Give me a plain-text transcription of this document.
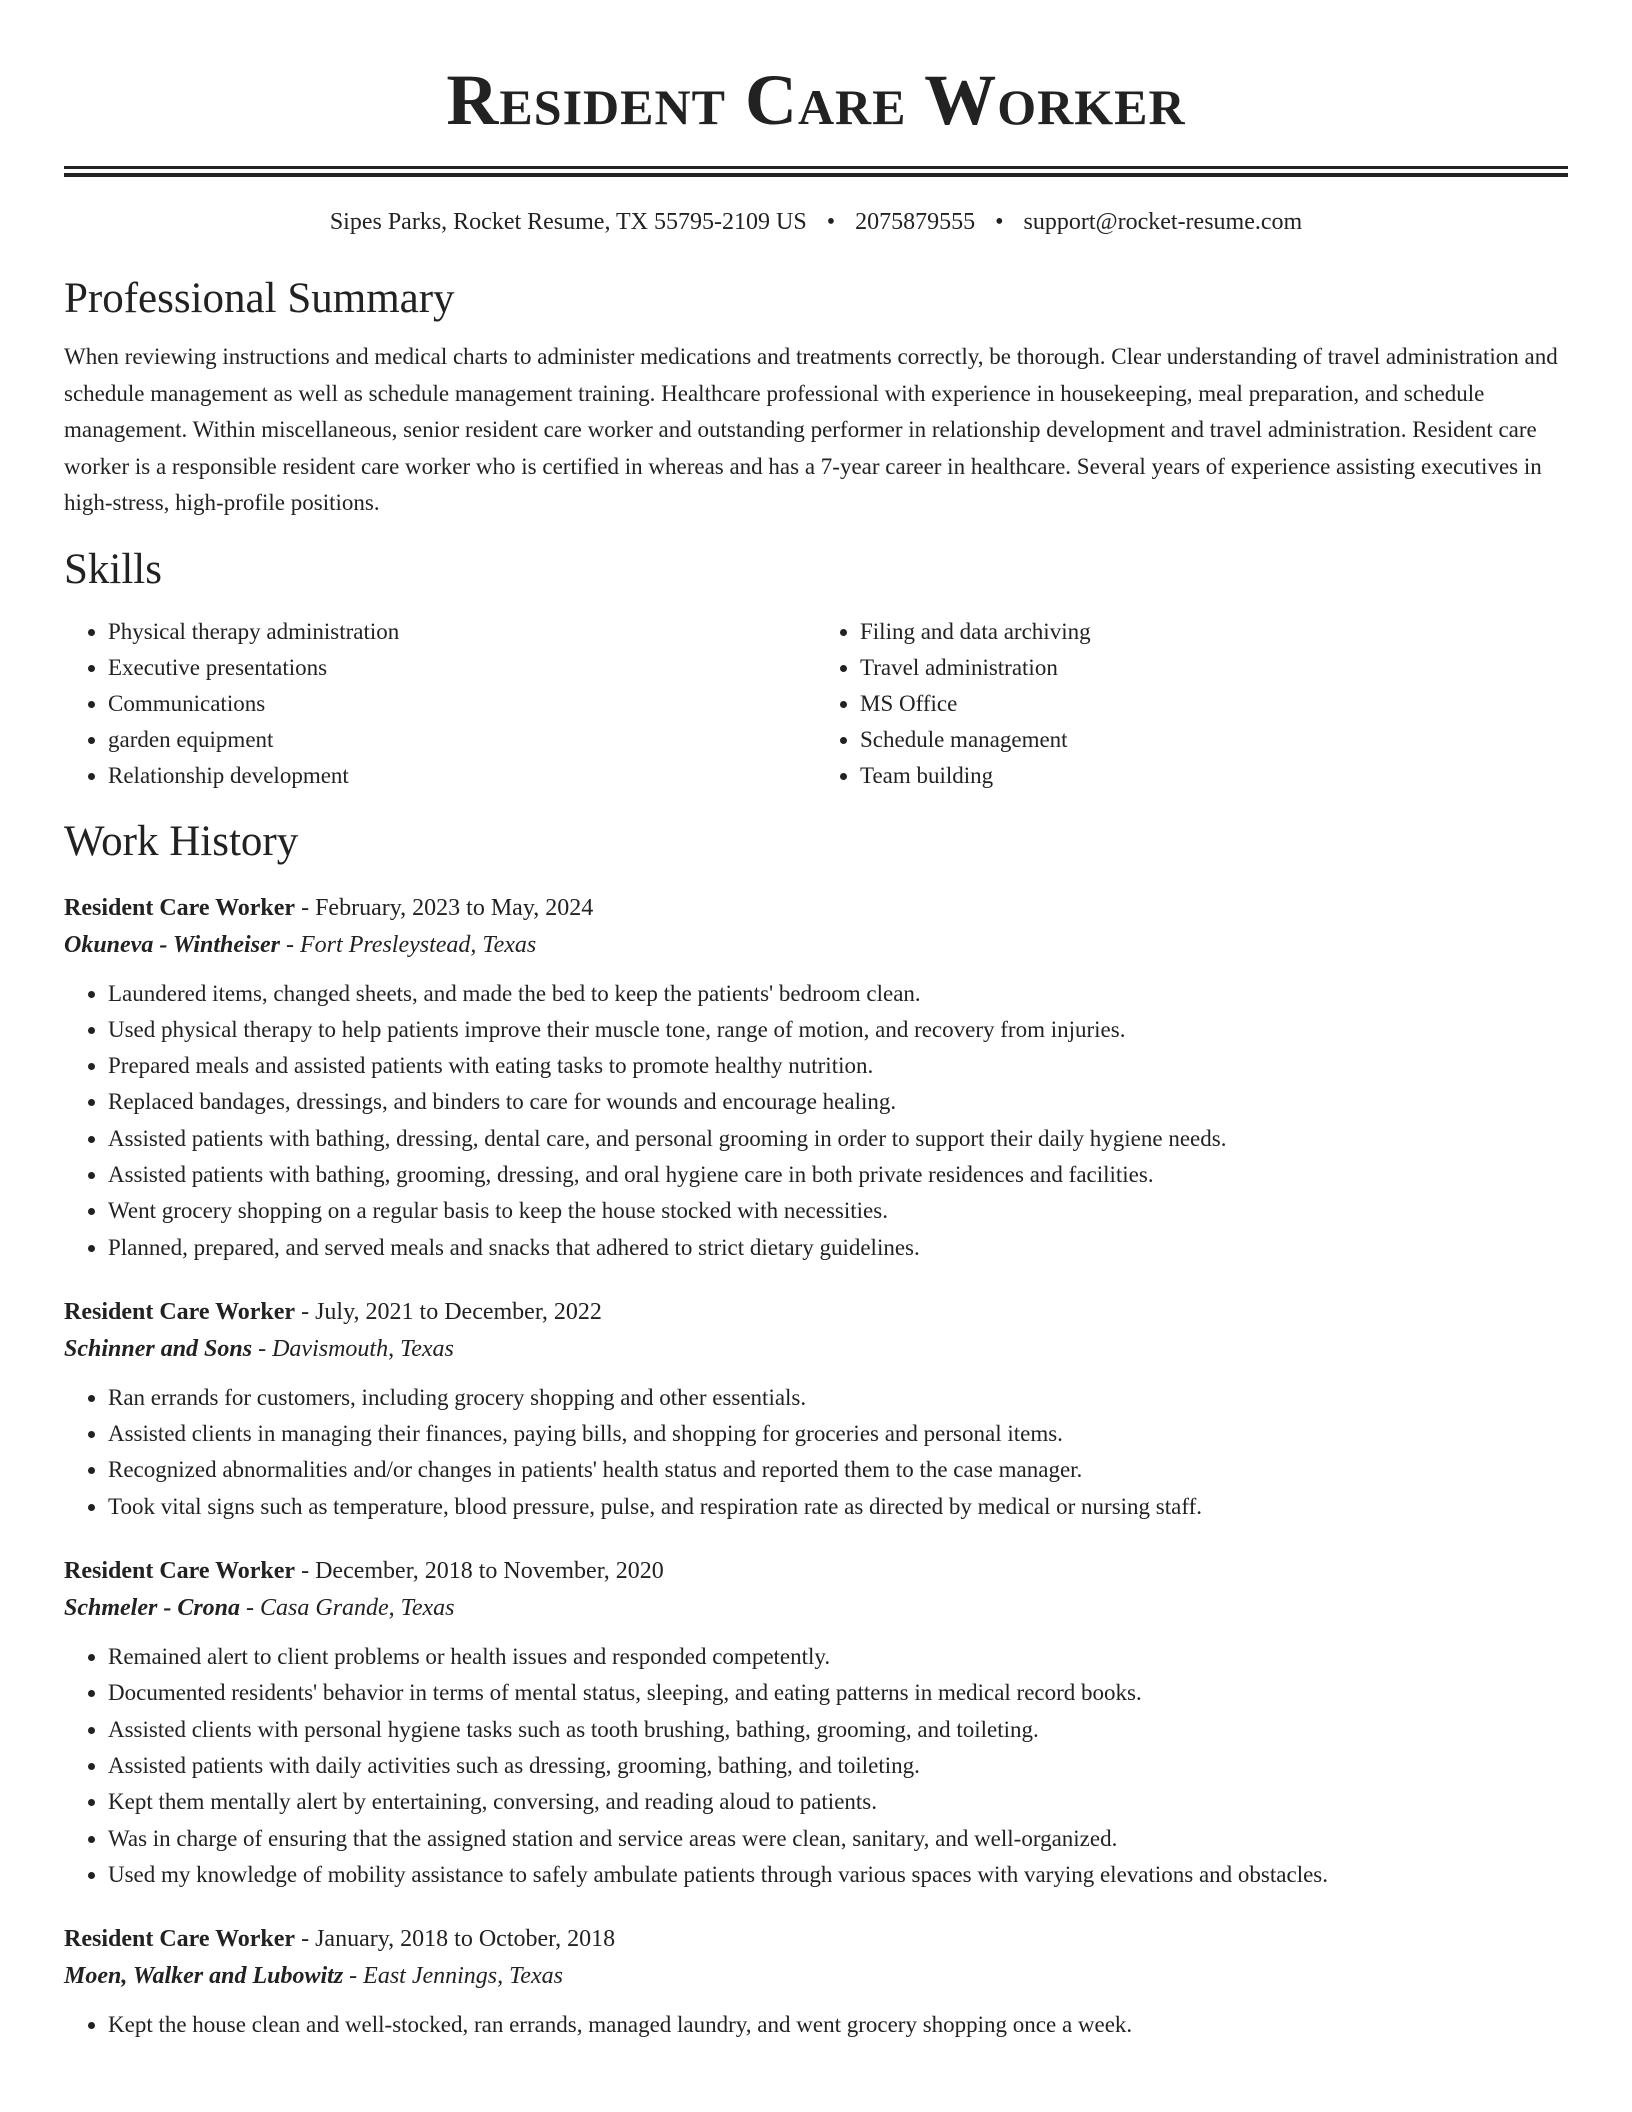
Resident Care Worker
Sipes Parks, Rocket Resume, TX 55795-2109 US • 2075879555 • support@rocket-resume.com
Professional Summary

When reviewing instructions and medical charts to administer medications and treatments correctly, be thorough. Clear understanding of travel administration and schedule management as well as schedule management training. Healthcare professional with experience in housekeeping, meal preparation, and schedule management. Within miscellaneous, senior resident care worker and outstanding performer in relationship development and travel administration. Resident care worker is a responsible resident care worker who is certified in whereas and has a 7-year career in healthcare. Several years of experience assisting executives in high-stress, high-profile positions.

Skills
• Physical therapy administration
• Executive presentations
• Communications
• garden equipment
• Relationship development
• Filing and data archiving
• Travel administration
• MS Office
• Schedule management
• Team building
Work History
Resident Care Worker - February, 2023 to May, 2024
Okuneva - Wintheiser - Fort Presleystead, Texas
• Laundered items, changed sheets, and made the bed to keep the patients' bedroom clean.
• Used physical therapy to help patients improve their muscle tone, range of motion, and recovery from injuries.
• Prepared meals and assisted patients with eating tasks to promote healthy nutrition.
• Replaced bandages, dressings, and binders to care for wounds and encourage healing.
• Assisted patients with bathing, dressing, dental care, and personal grooming in order to support their daily hygiene needs.
• Assisted patients with bathing, grooming, dressing, and oral hygiene care in both private residences and facilities.
• Went grocery shopping on a regular basis to keep the house stocked with necessities.
• Planned, prepared, and served meals and snacks that adhered to strict dietary guidelines.
Resident Care Worker - July, 2021 to December, 2022
Schinner and Sons - Davismouth, Texas
• Ran errands for customers, including grocery shopping and other essentials.
• Assisted clients in managing their finances, paying bills, and shopping for groceries and personal items.
• Recognized abnormalities and/or changes in patients' health status and reported them to the case manager.
• Took vital signs such as temperature, blood pressure, pulse, and respiration rate as directed by medical or nursing staff.
Resident Care Worker - December, 2018 to November, 2020
Schmeler - Crona - Casa Grande, Texas
• Remained alert to client problems or health issues and responded competently.
• Documented residents' behavior in terms of mental status, sleeping, and eating patterns in medical record books.
• Assisted clients with personal hygiene tasks such as tooth brushing, bathing, grooming, and toileting.
• Assisted patients with daily activities such as dressing, grooming, bathing, and toileting.
• Kept them mentally alert by entertaining, conversing, and reading aloud to patients.
• Was in charge of ensuring that the assigned station and service areas were clean, sanitary, and well-organized.
• Used my knowledge of mobility assistance to safely ambulate patients through various spaces with varying elevations and obstacles.
Resident Care Worker - January, 2018 to October, 2018
Moen, Walker and Lubowitz - East Jennings, Texas
• Kept the house clean and well-stocked, ran errands, managed laundry, and went grocery shopping once a week.
